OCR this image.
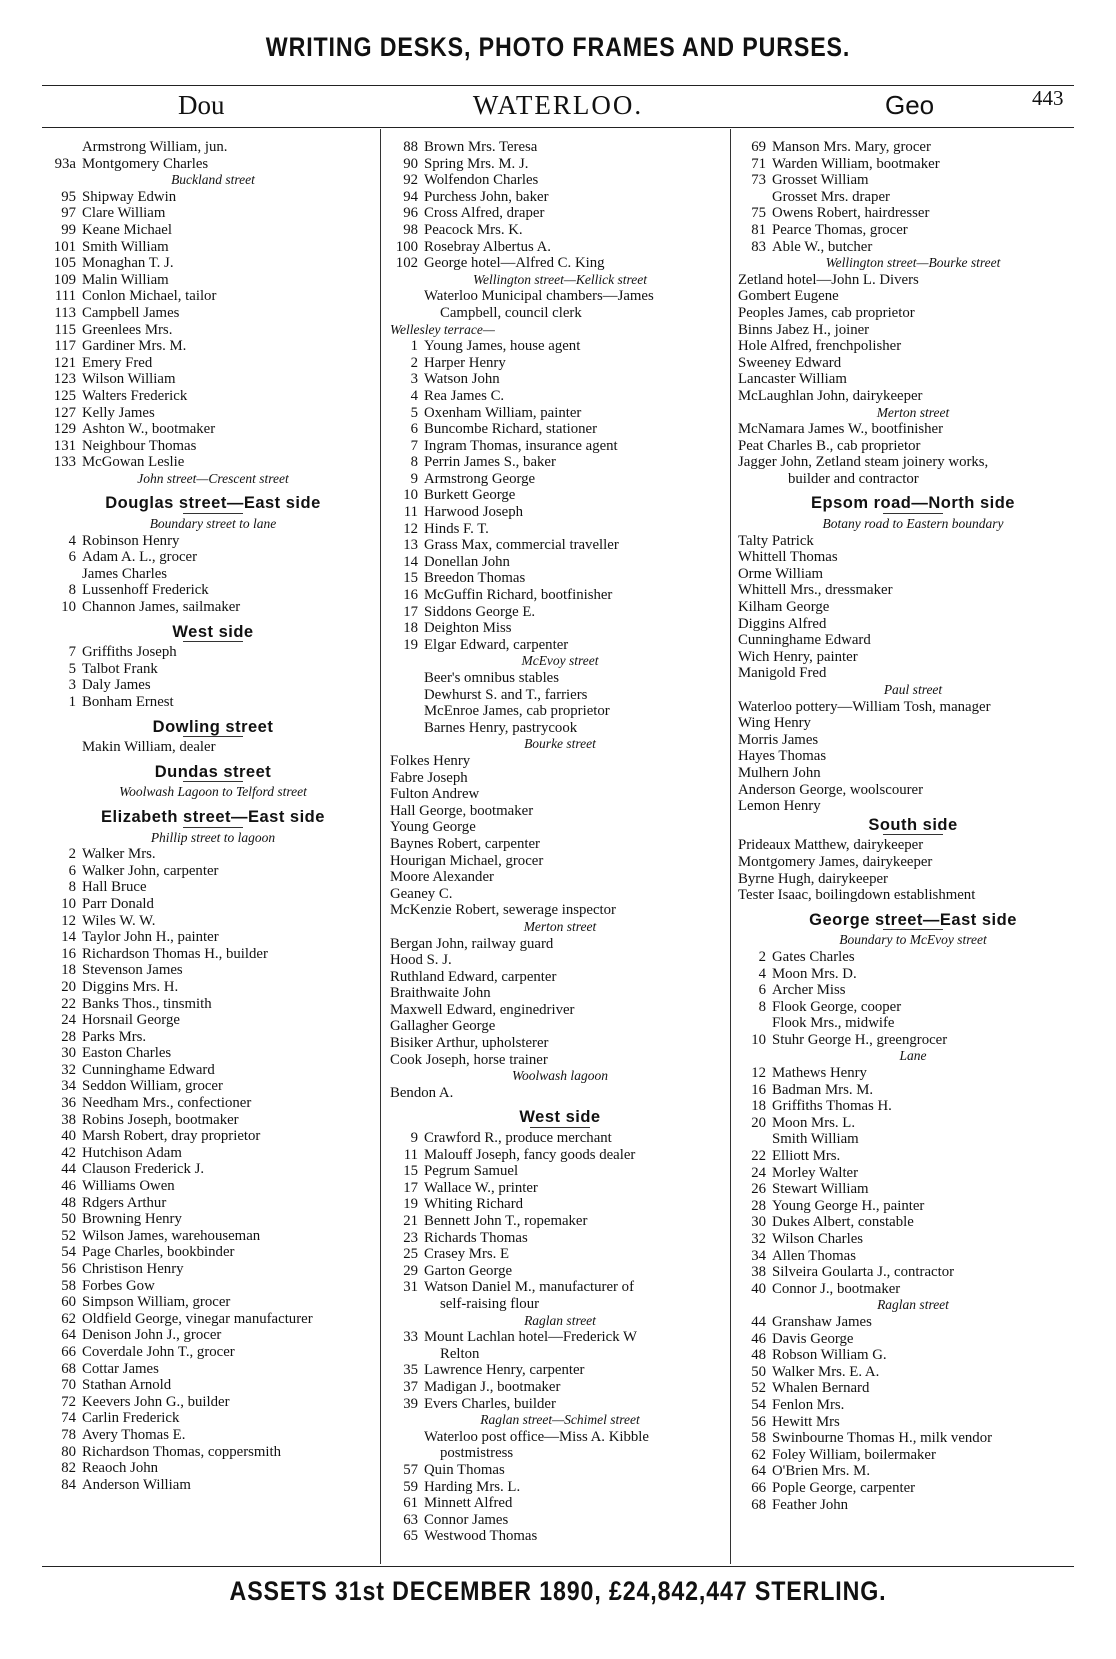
WRITING DESKS, PHOTO FRAMES AND PURSES.
Dou	WATERLOO.	Geo	443
Armstrong William, jun.
93a Montgomery Charles
Buckland street
95 Shipway Edwin
97 Clare William
99 Keane Michael
101 Smith William
105 Monaghan T. J.
109 Malin William
111 Conlon Michael, tailor
113 Campbell James
115 Greenlees Mrs.
117 Gardiner Mrs. M.
121 Emery Fred
123 Wilson William
125 Walters Frederick
127 Kelly James
129 Ashton W., bootmaker
131 Neighbour Thomas
133 McGowan Leslie
John street—Crescent street
Douglas street—East side
Boundary street to lane
4 Robinson Henry
6 Adam A. L., grocer
James Charles
8 Lussenhoff Frederick
10 Channon James, sailmaker
West side
7 Griffiths Joseph
5 Talbot Frank
3 Daly James
1 Bonham Ernest
Dowling street
Makin William, dealer
Dundas street
Woolwash Lagoon to Telford street
Elizabeth street—East side
Phillip street to lagoon
2 Walker Mrs.
6 Walker John, carpenter
8 Hall Bruce
10 Parr Donald
12 Wiles W. W.
14 Taylor John H., painter
16 Richardson Thomas H., builder
18 Stevenson James
20 Diggins Mrs. H.
22 Banks Thos., tinsmith
24 Horsnail George
28 Parks Mrs.
30 Easton Charles
32 Cunninghame Edward
34 Seddon William, grocer
36 Needham Mrs., confectioner
38 Robins Joseph, bootmaker
40 Marsh Robert, dray proprietor
42 Hutchison Adam
44 Clauson Frederick J.
46 Williams Owen
48 Rdgers Arthur
50 Browning Henry
52 Wilson James, warehouseman
54 Page Charles, bookbinder
56 Christison Henry
58 Forbes Gow
60 Simpson William, grocer
62 Oldfield George, vinegar manufacturer
64 Denison John J., grocer
66 Coverdale John T., grocer
68 Cottar James
70 Stathan Arnold
72 Keevers John G., builder
74 Carlin Frederick
78 Avery Thomas E.
80 Richardson Thomas, coppersmith
82 Reaoch John
84 Anderson William
88 Brown Mrs. Teresa
90 Spring Mrs. M. J.
92 Wolfendon Charles
94 Purchess John, baker
96 Cross Alfred, draper
98 Peacock Mrs. K.
100 Rosebray Albertus A.
102 George hotel—Alfred C. King
Wellington street—Kellick street
Waterloo Municipal chambers—James
Campbell, council clerk
Wellesley terrace—
1 Young James, house agent
2 Harper Henry
3 Watson John
4 Rea James C.
5 Oxenham William, painter
6 Buncombe Richard, stationer
7 Ingram Thomas, insurance agent
8 Perrin James S., baker
9 Armstrong George
10 Burkett George
11 Harwood Joseph
12 Hinds F. T.
13 Grass Max, commercial traveller
14 Donellan John
15 Breedon Thomas
16 McGuffin Richard, bootfinisher
17 Siddons George E.
18 Deighton Miss
19 Elgar Edward, carpenter
McEvoy street
Beer's omnibus stables
Dewhurst S. and T., farriers
McEnroe James, cab proprietor
Barnes Henry, pastrycook
Bourke street
Folkes Henry
Fabre Joseph
Fulton Andrew
Hall George, bootmaker
Young George
Baynes Robert, carpenter
Hourigan Michael, grocer
Moore Alexander
Geaney C.
McKenzie Robert, sewerage inspector
Merton street
Bergan John, railway guard
Hood S. J.
Ruthland Edward, carpenter
Braithwaite John
Maxwell Edward, enginedriver
Gallagher George
Bisiker Arthur, upholsterer
Cook Joseph, horse trainer
Woolwash lagoon
Bendon A.
West side
9 Crawford R., produce merchant
11 Malouff Joseph, fancy goods dealer
15 Pegrum Samuel
17 Wallace W., printer
19 Whiting Richard
21 Bennett John T., ropemaker
23 Richards Thomas
25 Crasey Mrs. E
29 Garton George
31 Watson Daniel M., manufacturer of
self-raising flour
Raglan street
33 Mount Lachlan hotel—Frederick W
Relton
35 Lawrence Henry, carpenter
37 Madigan J., bootmaker
39 Evers Charles, builder
Raglan street—Schimel street
Waterloo post office—Miss A. Kibble
postmistress
57 Quin Thomas
59 Harding Mrs. L.
61 Minnett Alfred
63 Connor James
65 Westwood Thomas
69 Manson Mrs. Mary, grocer
71 Warden William, bootmaker
73 Grosset William
Grosset Mrs. draper
75 Owens Robert, hairdresser
81 Pearce Thomas, grocer
83 Able W., butcher
Wellington street—Bourke street
Zetland hotel—John L. Divers
Gombert Eugene
Peoples James, cab proprietor
Binns Jabez H., joiner
Hole Alfred, frenchpolisher
Sweeney Edward
Lancaster William
McLaughlan John, dairykeeper
Merton street
McNamara James W., bootfinisher
Peat Charles B., cab proprietor
Jagger John, Zetland steam joinery works,
builder and contractor
Epsom road—North side
Botany road to Eastern boundary
Talty Patrick
Whittell Thomas
Orme William
Whittell Mrs., dressmaker
Kilham George
Diggins Alfred
Cunninghame Edward
Wich Henry, painter
Manigold Fred
Paul street
Waterloo pottery—William Tosh, manager
Wing Henry
Morris James
Hayes Thomas
Mulhern John
Anderson George, woolscourer
Lemon Henry
South side
Prideaux Matthew, dairykeeper
Montgomery James, dairykeeper
Byrne Hugh, dairykeeper
Tester Isaac, boilingdown establishment
George street—East side
Boundary to McEvoy street
2 Gates Charles
4 Moon Mrs. D.
6 Archer Miss
8 Flook George, cooper
Flook Mrs., midwife
10 Stuhr George H., greengrocer
Lane
12 Mathews Henry
16 Badman Mrs. M.
18 Griffiths Thomas H.
20 Moon Mrs. L.
Smith William
22 Elliott Mrs.
24 Morley Walter
26 Stewart William
28 Young George H., painter
30 Dukes Albert, constable
32 Wilson Charles
34 Allen Thomas
38 Silveira Goularta J., contractor
40 Connor J., bootmaker
Raglan street
44 Granshaw James
46 Davis George
48 Robson William G.
50 Walker Mrs. E. A.
52 Whalen Bernard
54 Fenlon Mrs.
56 Hewitt Mrs
58 Swinbourne Thomas H., milk vendor
62 Foley William, boilermaker
64 O'Brien Mrs. M.
66 Pople George, carpenter
68 Feather John
ASSETS 31st DECEMBER 1890, £24,842,447 STERLING.
